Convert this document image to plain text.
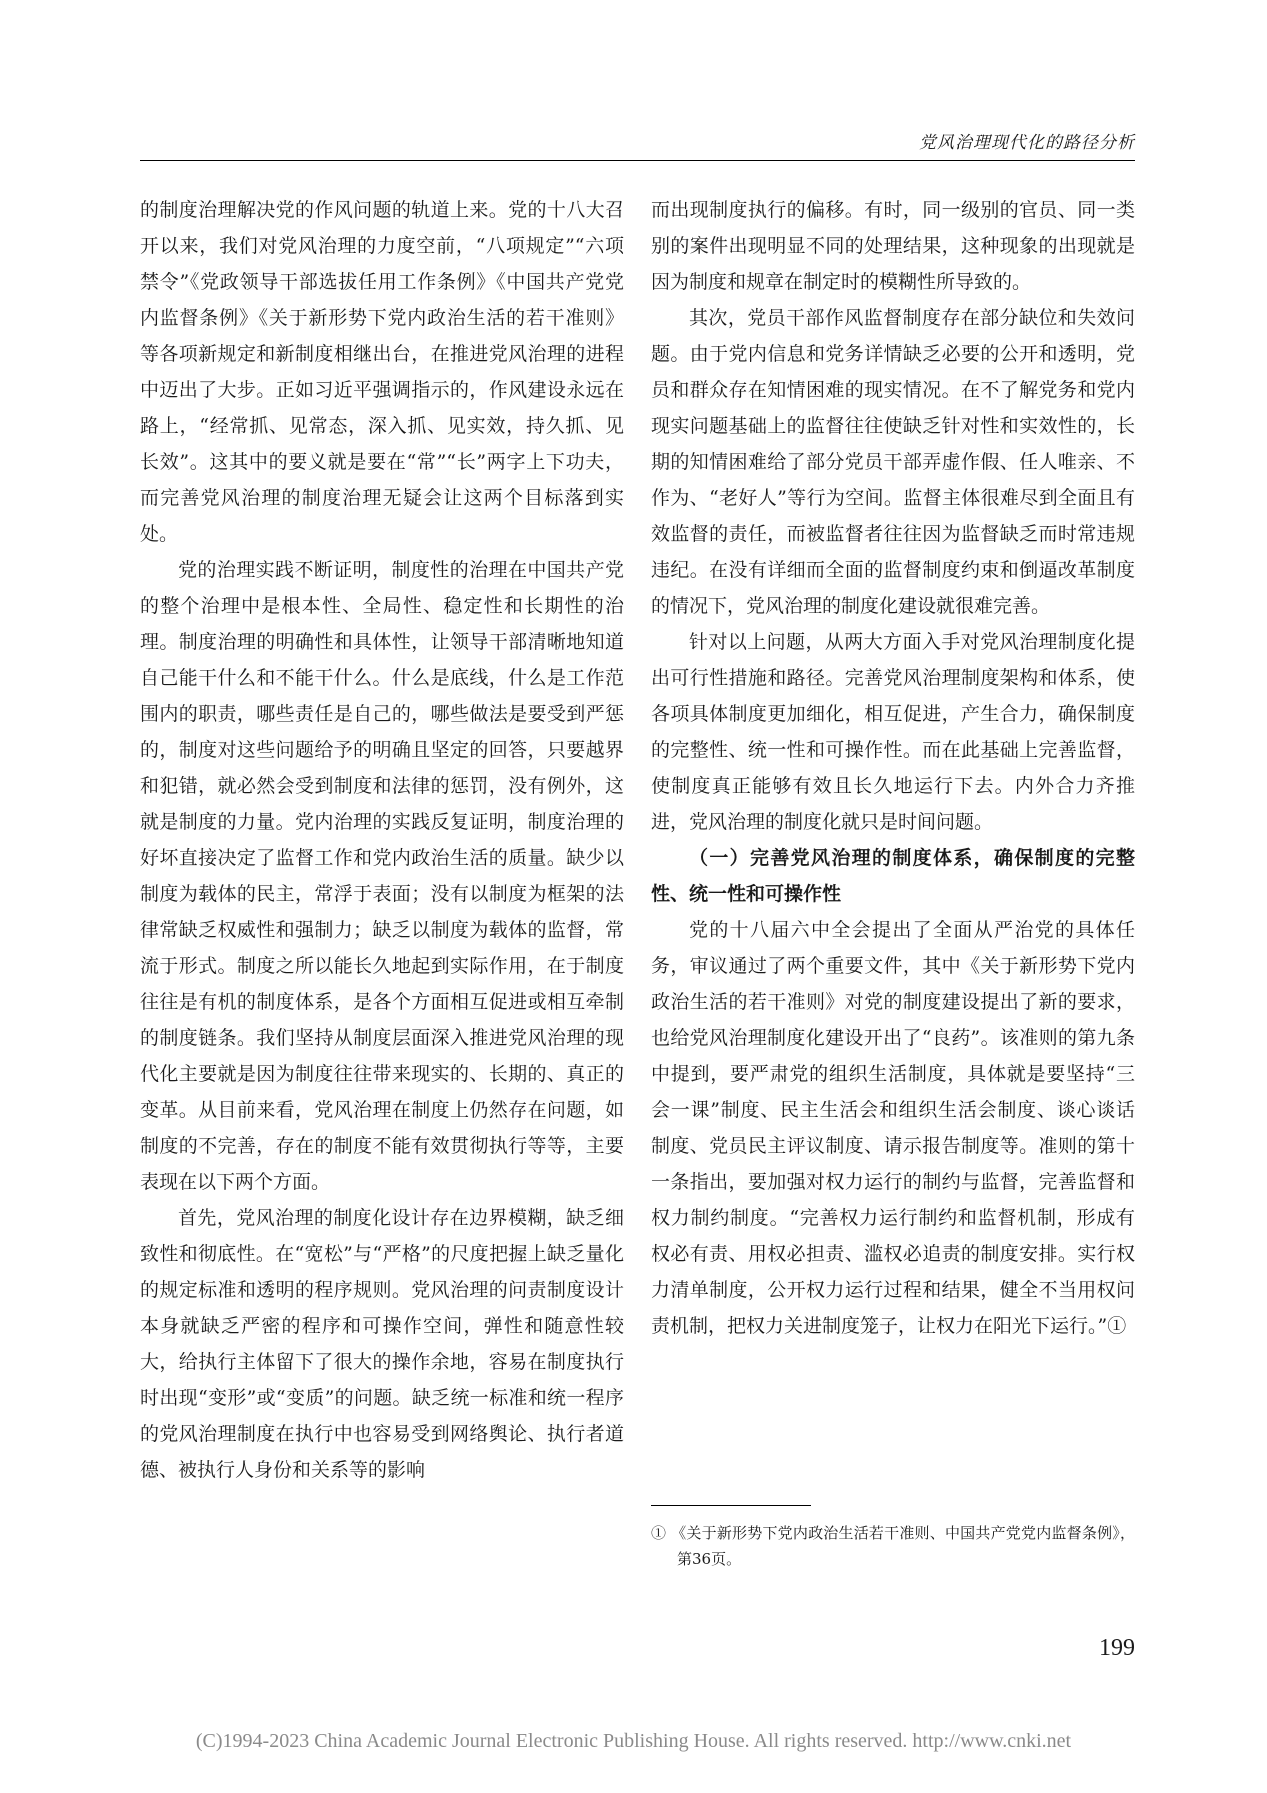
党风治理现代化的路径分析

的制度治理解决党的作风问题的轨道上来。党的十八大召开以来，我们对党风治理的力度空前，“八项规定”“六项禁令”《党政领导干部选拔任用工作条例》《中国共产党党内监督条例》《关于新形势下党内政治生活的若干准则》等各项新规定和新制度相继出台，在推进党风治理的进程中迈出了大步。正如习近平强调指示的，作风建设永远在路上，“经常抓、见常态，深入抓、见实效，持久抓、见长效”。这其中的要义就是要在“常”“长”两字上下功夫，而完善党风治理的制度治理无疑会让这两个目标落到实处。

党的治理实践不断证明，制度性的治理在中国共产党的整个治理中是根本性、全局性、稳定性和长期性的治理。制度治理的明确性和具体性，让领导干部清晰地知道自己能干什么和不能干什么。什么是底线，什么是工作范围内的职责，哪些责任是自己的，哪些做法是要受到严惩的，制度对这些问题给予的明确且坚定的回答，只要越界和犯错，就必然会受到制度和法律的惩罚，没有例外，这就是制度的力量。党内治理的实践反复证明，制度治理的好坏直接决定了监督工作和党内政治生活的质量。缺少以制度为载体的民主，常浮于表面；没有以制度为框架的法律常缺乏权威性和强制力；缺乏以制度为载体的监督，常流于形式。制度之所以能长久地起到实际作用，在于制度往往是有机的制度体系，是各个方面相互促进或相互牵制的制度链条。我们坚持从制度层面深入推进党风治理的现代化主要就是因为制度往往带来现实的、长期的、真正的变革。从目前来看，党风治理在制度上仍然存在问题，如制度的不完善，存在的制度不能有效贯彻执行等等，主要表现在以下两个方面。

首先，党风治理的制度化设计存在边界模糊，缺乏细致性和彻底性。在“宽松”与“严格”的尺度把握上缺乏量化的规定标准和透明的程序规则。党风治理的问责制度设计本身就缺乏严密的程序和可操作空间，弹性和随意性较大，给执行主体留下了很大的操作余地，容易在制度执行时出现“变形”或“变质”的问题。缺乏统一标准和统一程序的党风治理制度在执行中也容易受到网络舆论、执行者道德、被执行人身份和关系等的影响

而出现制度执行的偏移。有时，同一级别的官员、同一类别的案件出现明显不同的处理结果，这种现象的出现就是因为制度和规章在制定时的模糊性所导致的。

其次，党员干部作风监督制度存在部分缺位和失效问题。由于党内信息和党务详情缺乏必要的公开和透明，党员和群众存在知情困难的现实情况。在不了解党务和党内现实问题基础上的监督往往使缺乏针对性和实效性的，长期的知情困难给了部分党员干部弄虚作假、任人唯亲、不作为、“老好人”等行为空间。监督主体很难尽到全面且有效监督的责任，而被监督者往往因为监督缺乏而时常违规违纪。在没有详细而全面的监督制度约束和倒逼改革制度的情况下，党风治理的制度化建设就很难完善。

针对以上问题，从两大方面入手对党风治理制度化提出可行性措施和路径。完善党风治理制度架构和体系，使各项具体制度更加细化，相互促进，产生合力，确保制度的完整性、统一性和可操作性。而在此基础上完善监督，使制度真正能够有效且长久地运行下去。内外合力齐推进，党风治理的制度化就只是时间问题。

（一）完善党风治理的制度体系，确保制度的完整性、统一性和可操作性

党的十八届六中全会提出了全面从严治党的具体任务，审议通过了两个重要文件，其中《关于新形势下党内政治生活的若干准则》对党的制度建设提出了新的要求，也给党风治理制度化建设开出了“良药”。该准则的第九条中提到，要严肃党的组织生活制度，具体就是要坚持“三会一课”制度、民主生活会和组织生活会制度、谈心谈话制度、党员民主评议制度、请示报告制度等。准则的第十一条指出，要加强对权力运行的制约与监督，完善监督和权力制约制度。“完善权力运行制约和监督机制，形成有权必有责、用权必担责、滥权必追责的制度安排。实行权力清单制度，公开权力运行过程和结果，健全不当用权问责机制，把权力关进制度笼子，让权力在阳光下运行。”①

① 《关于新形势下党内政治生活若干准则、中国共产党党内监督条例》，第36页。
199
(C)1994-2023 China Academic Journal Electronic Publishing House. All rights reserved. http://www.cnki.net
